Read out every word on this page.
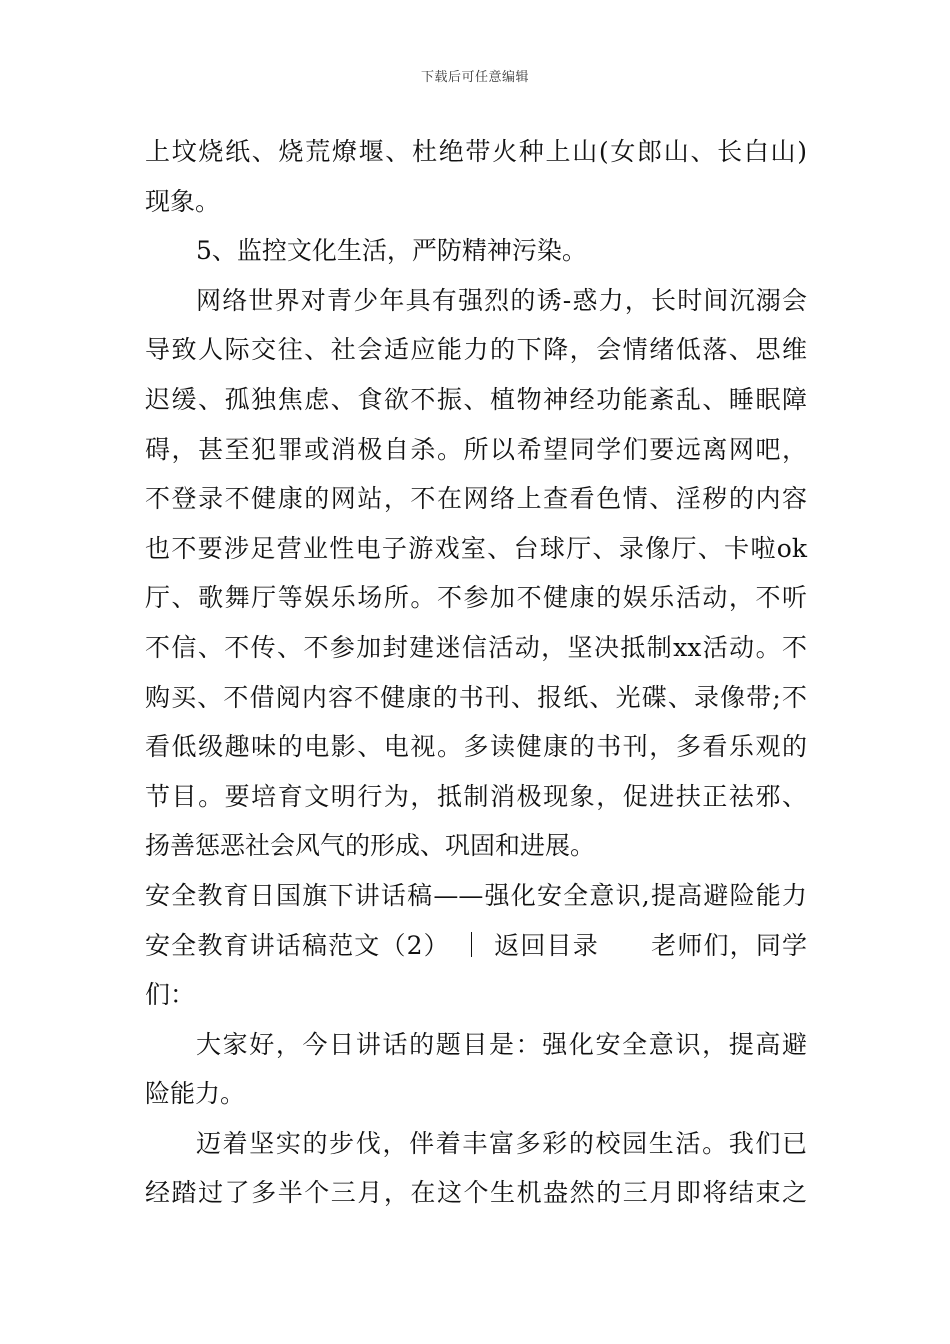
下载后可任意编辑
上坟烧纸、烧荒燎堰、杜绝带火种上山(女郎山、长白山)
现象。
5、监控文化生活，严防精神污染。
网络世界对青少年具有强烈的诱-惑力，长时间沉溺会
导致人际交往、社会适应能力的下降，会情绪低落、思维
迟缓、孤独焦虑、食欲不振、植物神经功能紊乱、睡眠障
碍，甚至犯罪或消极自杀。所以希望同学们要远离网吧，
不登录不健康的网站，不在网络上查看色情、淫秽的内容
也不要涉足营业性电子游戏室、台球厅、录像厅、卡啦ok
厅、歌舞厅等娱乐场所。不参加不健康的娱乐活动，不听
不信、不传、不参加封建迷信活动，坚决抵制xx活动。不
购买、不借阅内容不健康的书刊、报纸、光碟、录像带;不
看低级趣味的电影、电视。多读健康的书刊，多看乐观的
节目。要培育文明行为，抵制消极现象，促进扶正祛邪、
扬善惩恶社会风气的形成、巩固和进展。
安全教育日国旗下讲话稿——强化安全意识,提高避险能力
安全教育讲话稿范文（2） ｜ 返回目录　　老师们，同学
们：
大家好，今日讲话的题目是：强化安全意识，提高避
险能力。
迈着坚实的步伐，伴着丰富多彩的校园生活。我们已
经踏过了多半个三月，在这个生机盎然的三月即将结束之
